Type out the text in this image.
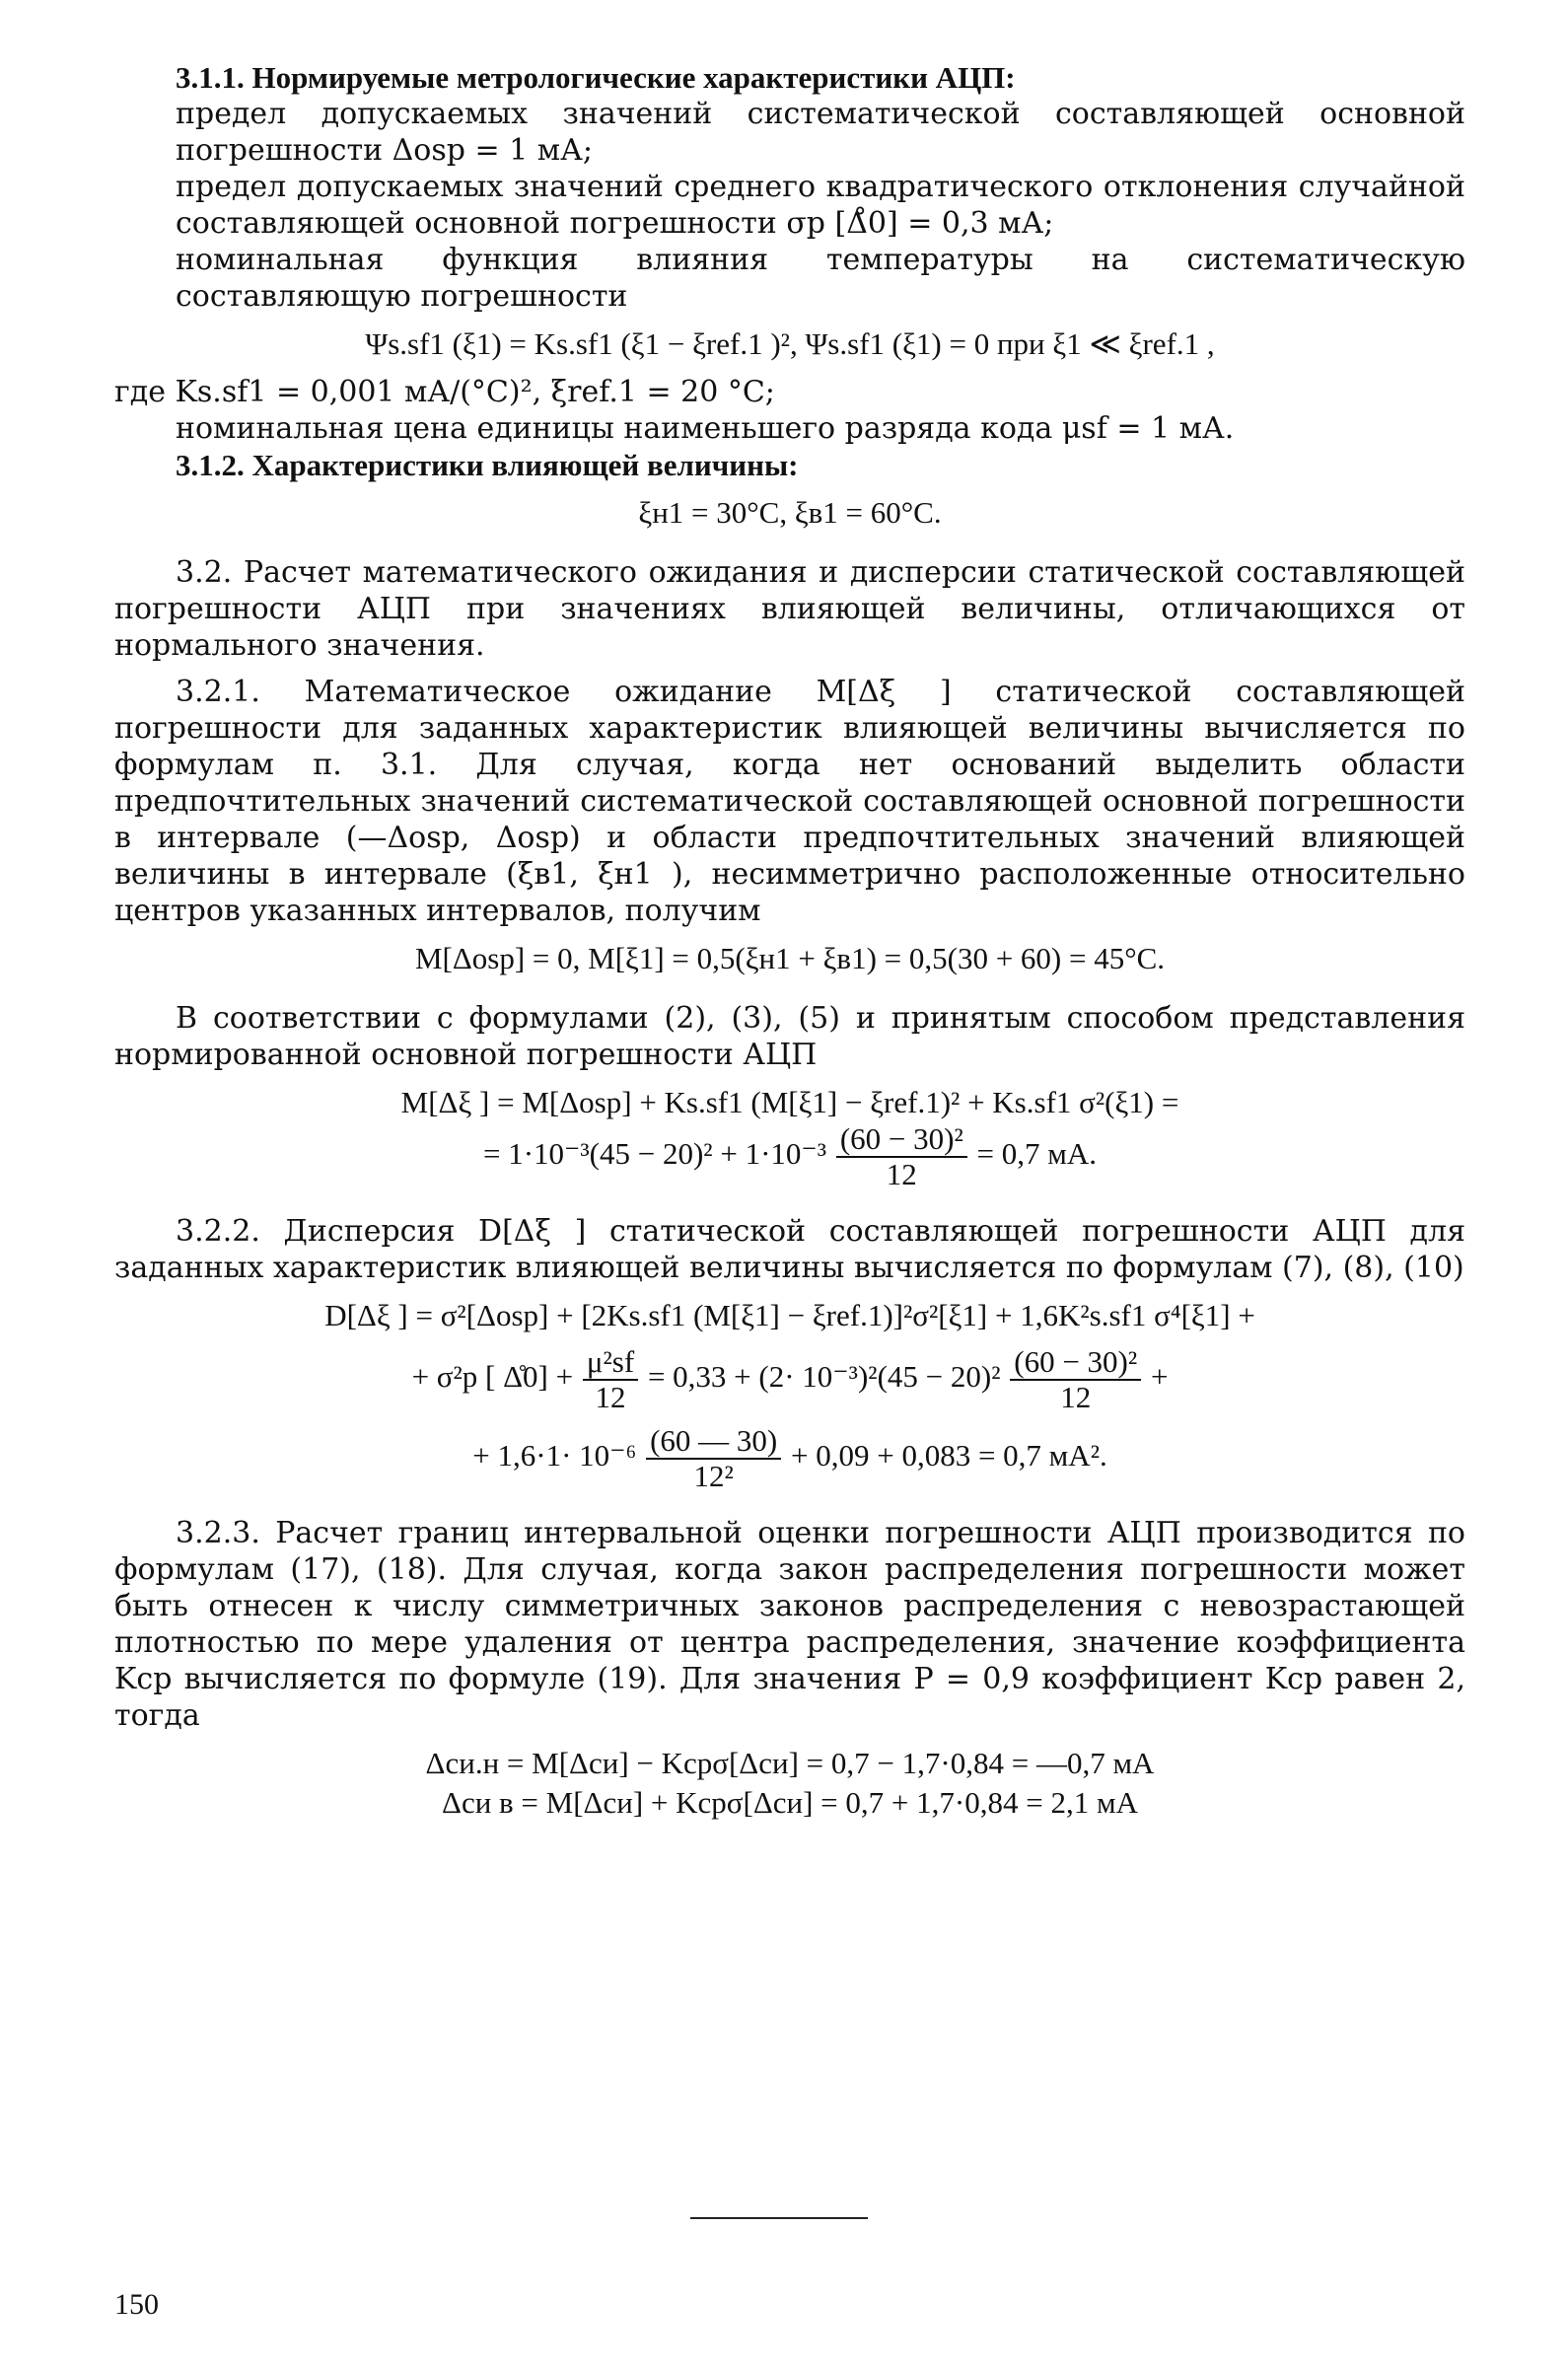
3.1.1. Нормируемые метрологические характеристики АЦП:

предел допускаемых значений систематической составляющей основной погрешности Δosp = 1 мА;

предел допускаемых значений среднего квадратического отклонения случайной составляющей основной погрешности σp [Δ̊0] = 0,3 мА;

номинальная функция влияния температуры на систематическую составляющую погрешности

Ψs.sf1 (ξ1) = Ks.sf1 (ξ1 − ξref.1 )², Ψs.sf1 (ξ1) = 0 при ξ1 ≪ ξref.1 ,

где Ks.sf1 = 0,001 мА/(°С)², ξref.1 = 20 °С;

номинальная цена единицы наименьшего разряда кода μsf = 1 мА.

3.1.2. Характеристики влияющей величины:

ξн1 = 30°С, ξв1 = 60°С.

3.2. Расчет математического ожидания и дисперсии статической составляющей погрешности АЦП при значениях влияющей величины, отличающихся от нормального значения.

3.2.1. Математическое ожидание M[Δξ ] статической составляющей погрешности для заданных характеристик влияющей величины вычисляется по формулам п. 3.1. Для случая, когда нет оснований выделить области предпочтительных значений систематической составляющей основной погрешности в интервале (—Δosp, Δosp) и области предпочтительных значений влияющей величины в интервале (ξв1, ξн1 ), несимметрично расположенные относительно центров указанных интервалов, получим

M[Δosp] = 0, M[ξ1] = 0,5(ξн1 + ξв1) = 0,5(30 + 60) = 45°С.

В соответствии с формулами (2), (3), (5) и принятым способом представления нормированной основной погрешности АЦП

M[Δξ ] = M[Δosp] + Ks.sf1 (M[ξ1] − ξref.1)² + Ks.sf1 σ²(ξ1) =

= $1\cdot 10^{-3}(45 - 20)^2 + 1\cdot 10^{-3} \frac{\text{(60 − 30)²}}{12} = 0,7$ мА.

3.2.2. Дисперсия D[Δξ ] статической составляющей погрешности АЦП для заданных характеристик влияющей величины вычисляется по формулам (7), (8), (10)

D[Δξ ] = σ²[Δosp] + [2Ks.sf1 (M[ξ1] − ξref.1)]²σ²[ξ1] + 1,6K²s.sf1 σ⁴[ξ1] +

+ σ²p [ Δ̊0] + $\frac{\text{μ²sf}}{12} = 0,33 + (2\cdot 10^{-3})^2(45 - 20)^2 \frac{\text{(60 − 30)²}}{12}$ +

+ $1,6\cdot 1\cdot 10^{-6} \frac{(60 — 30)}{\text{12²}} + 0,09 + 0,083 = 0,7$ мА².

3.2.3. Расчет границ интервальной оценки погрешности АЦП производится по формулам (17), (18). Для случая, когда закон распределения погрешности может быть отнесен к числу симметричных законов распределения с невозрастающей плотностью по мере удаления от центра распределения, значение коэффициента Kср вычисляется по формуле (19). Для значения P = 0,9 коэффициент Kср равен 2, тогда

Δси.н = M[Δси] − Kсрσ[Δси] = 0,7 − 1,7·0,84 = —0,7 мА

Δси в = M[Δси] + Kсрσ[Δси] = 0,7 + 1,7·0,84 = 2,1 мА

150
